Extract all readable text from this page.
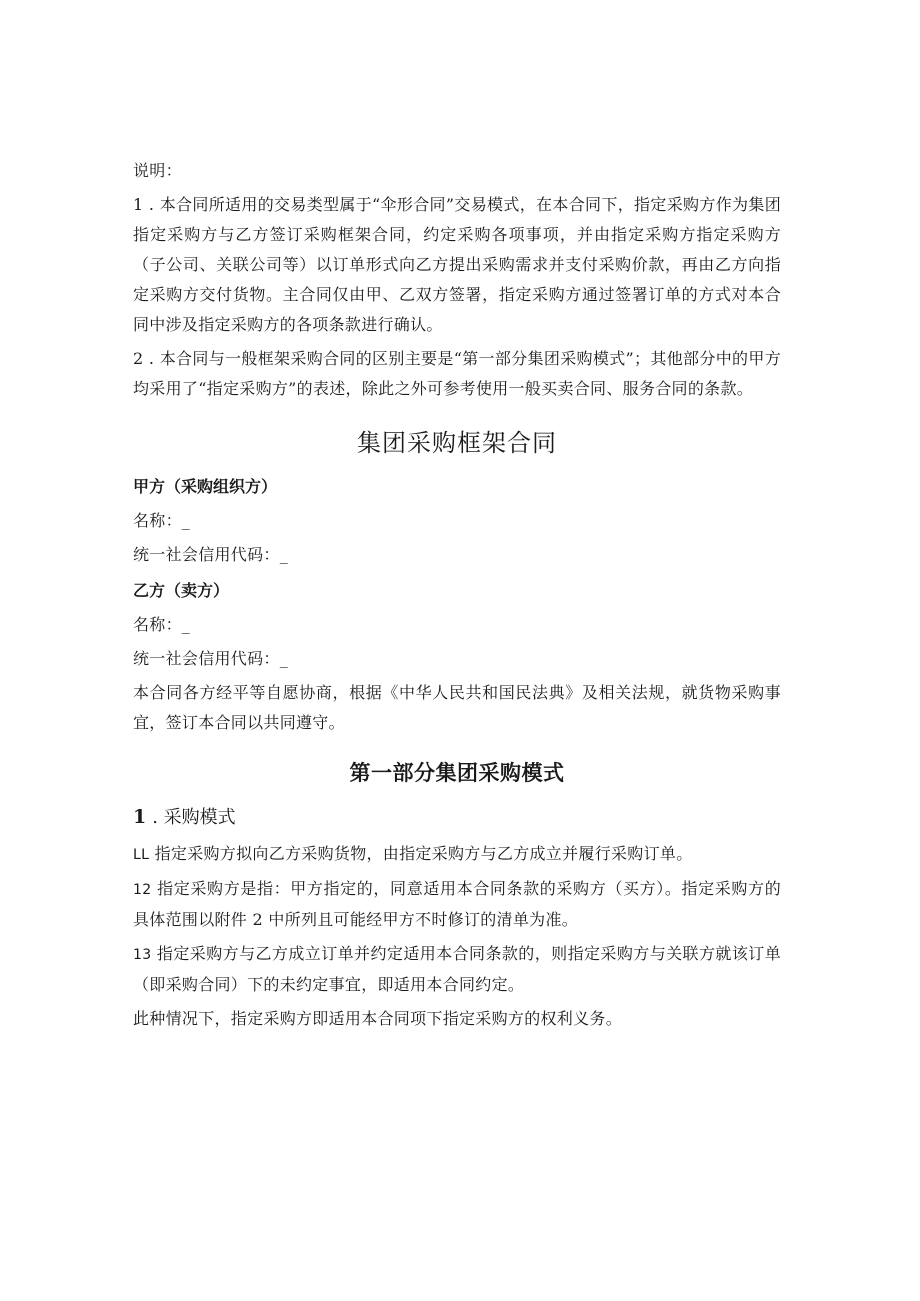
说明：

1 . 本合同所适用的交易类型属于“伞形合同”交易模式，在本合同下，指定采购方作为集团指定采购方与乙方签订采购框架合同，约定采购各项事项，并由指定采购方指定采购方（子公司、关联公司等）以订单形式向乙方提出采购需求并支付采购价款，再由乙方向指定采购方交付货物。主合同仅由甲、乙双方签署，指定采购方通过签署订单的方式对本合同中涉及指定采购方的各项条款进行确认。

2 . 本合同与一般框架采购合同的区别主要是“第一部分集团采购模式”；其他部分中的甲方均采用了“指定采购方”的表述，除此之外可参考使用一般买卖合同、服务合同的条款。

集团采购框架合同
甲方（采购组织方）

名称：_

统一社会信用代码：_

乙方（卖方）

名称：_

统一社会信用代码：_

本合同各方经平等自愿协商，根据《中华人民共和国民法典》及相关法规，就货物采购事宜，签订本合同以共同遵守。

第一部分集团采购模式
1 . 采购模式

LL 指定采购方拟向乙方采购货物，由指定采购方与乙方成立并履行采购订单。

12 指定采购方是指：甲方指定的，同意适用本合同条款的采购方（买方）。指定采购方的具体范围以附件 2 中所列且可能经甲方不时修订的清单为准。

13 指定采购方与乙方成立订单并约定适用本合同条款的，则指定采购方与关联方就该订单（即采购合同）下的未约定事宜，即适用本合同约定。

此种情况下，指定采购方即适用本合同项下指定采购方的权利义务。
